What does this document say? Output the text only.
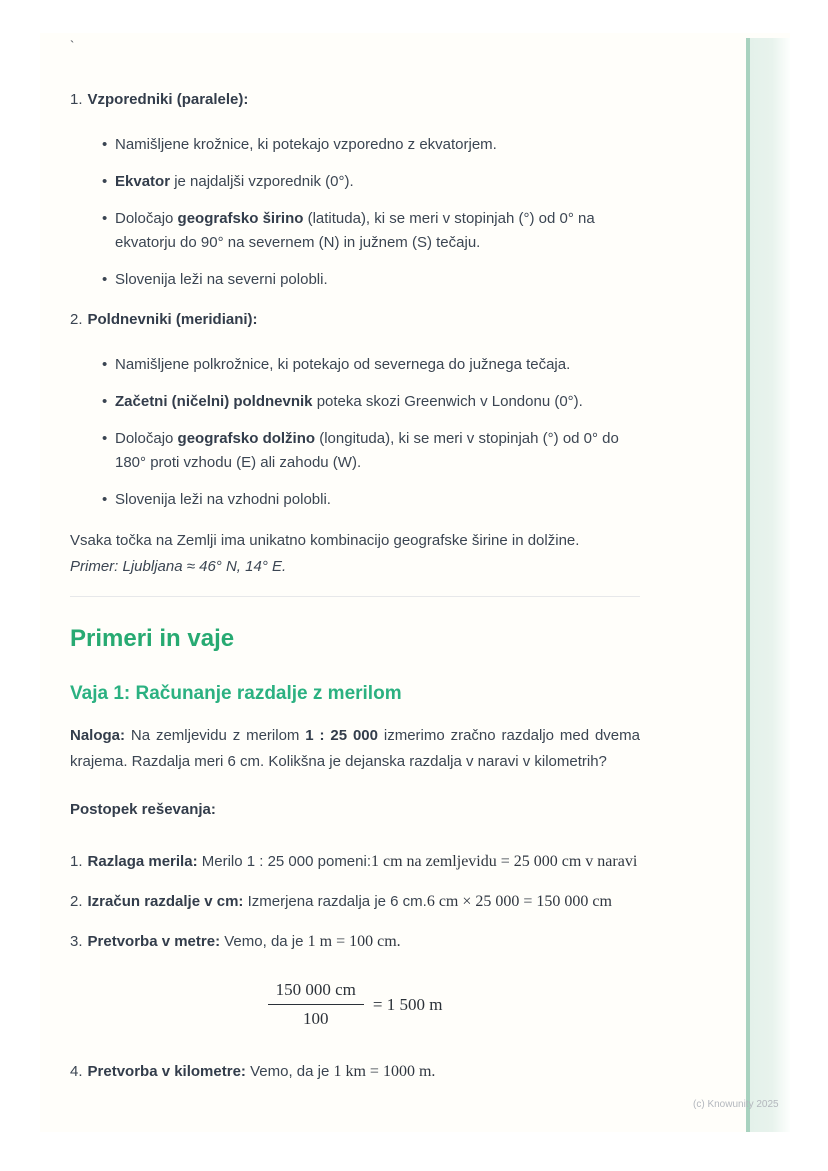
`
1. Vzporedniki (paralele):
• Namišljene krožnice, ki potekajo vzporedno z ekvatorjem.
• Ekvator je najdaljši vzporednik (0°).
• Določajo geografsko širino (latituda), ki se meri v stopinjah (°) od 0° na ekvatorju do 90° na severnem (N) in južnem (S) tečaju.
• Slovenija leži na severni polobli.
2. Poldnevniki (meridiani):
• Namišljene polkrožnice, ki potekajo od severnega do južnega tečaja.
• Začetni (ničelni) poldnevnik poteka skozi Greenwich v Londonu (0°).
• Določajo geografsko dolžino (longituda), ki se meri v stopinjah (°) od 0° do 180° proti vzhodu (E) ali zahodu (W).
• Slovenija leži na vzhodni polobli.

Vsaka točka na Zemlji ima unikatno kombinacijo geografske širine in dolžine.

Primer: Ljubljana ≈ 46° N, 14° E.

Primeri in vaje
Vaja 1: Računanje razdalje z merilom

Naloga: Na zemljevidu z merilom 1 : 25 000 izmerimo zračno razdaljo med dvema krajema. Razdalja meri 6 cm. Kolikšna je dejanska razdalja v naravi v kilometrih?

Postopek reševanja:

1. Razlaga merila: Merilo 1 : 25 000 pomeni:1 cm na zemljevidu = 25 000 cm v naravi
2. Izračun razdalje v cm: Izmerjena razdalja je 6 cm.6 cm × 25 000 = 150 000 cm
3. Pretvorba v metre: Vemo, da je 1 m = 100 cm.
$\frac{150 000 cm}{100} = 1$ 500 m
4. Pretvorba v kilometre: Vemo, da je 1 km = 1000 m.
(c) Knowunity 2025
